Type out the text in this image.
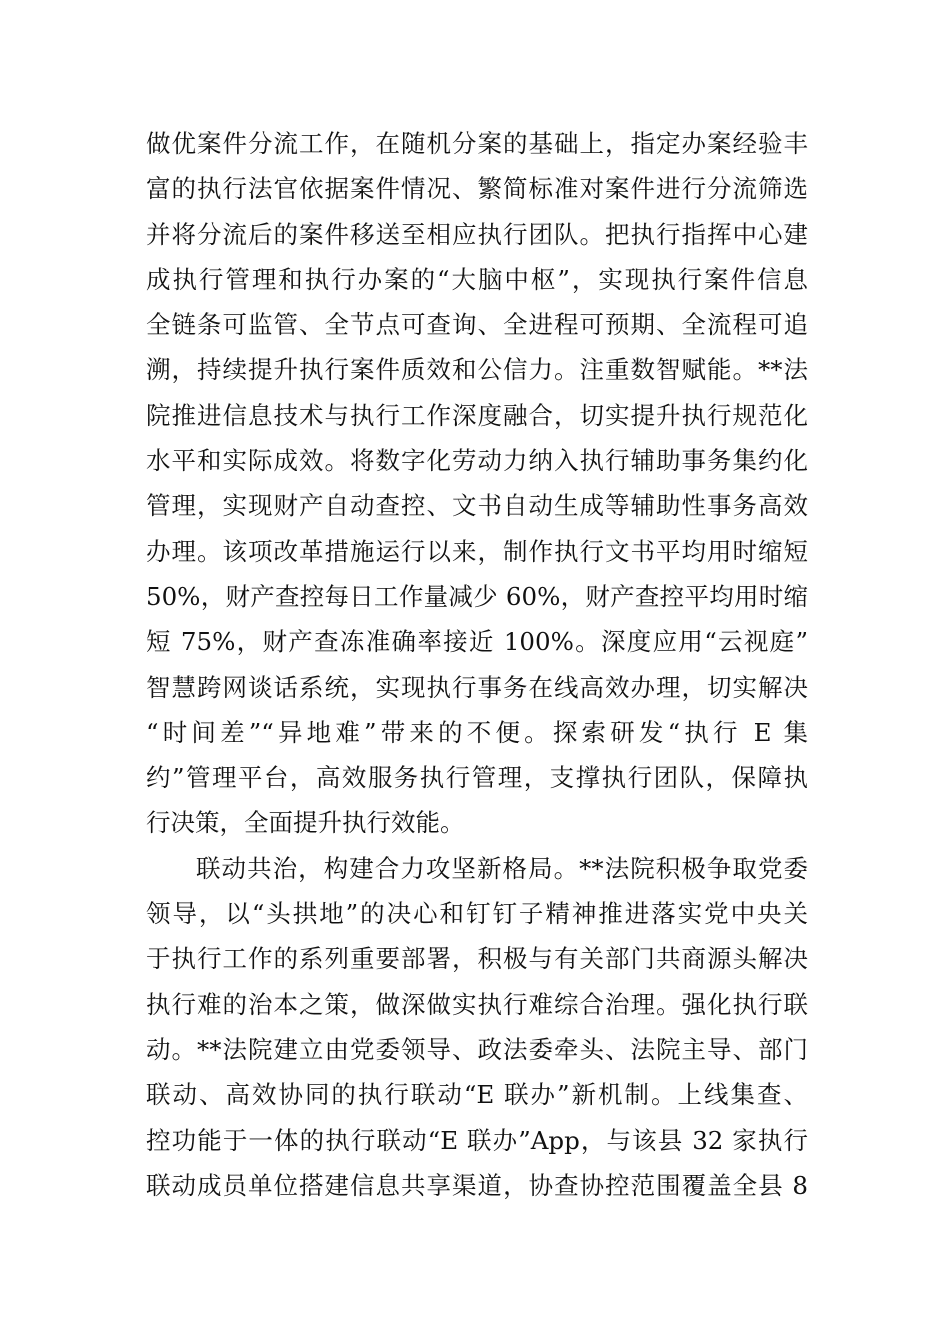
做优案件分流工作，在随机分案的基础上，指定办案经验丰
富的执行法官依据案件情况、繁简标准对案件进行分流筛选
并将分流后的案件移送至相应执行团队。把执行指挥中心建
成执行管理和执行办案的“大脑中枢”，实现执行案件信息
全链条可监管、全节点可查询、全进程可预期、全流程可追
溯，持续提升执行案件质效和公信力。注重数智赋能。**法
院推进信息技术与执行工作深度融合，切实提升执行规范化
水平和实际成效。将数字化劳动力纳入执行辅助事务集约化
管理，实现财产自动查控、文书自动生成等辅助性事务高效
办理。该项改革措施运行以来，制作执行文书平均用时缩短
50%，财产查控每日工作量减少 60%，财产查控平均用时缩
短 75%，财产查冻准确率接近 100%。深度应用“云视庭”
智慧跨网谈话系统，实现执行事务在线高效办理，切实解决
“时间差”“异地难”带来的不便。探索研发“执行 E 集
约”管理平台，高效服务执行管理，支撑执行团队，保障执
行决策，全面提升执行效能。
联动共治，构建合力攻坚新格局。**法院积极争取党委
领导，以“头拱地”的决心和钉钉子精神推进落实党中央关
于执行工作的系列重要部署，积极与有关部门共商源头解决
执行难的治本之策，做深做实执行难综合治理。强化执行联
动。**法院建立由党委领导、政法委牵头、法院主导、部门
联动、高效协同的执行联动“E 联办”新机制。上线集查、
控功能于一体的执行联动“E 联办”App，与该县 32 家执行
联动成员单位搭建信息共享渠道，协查协控范围覆盖全县 8
